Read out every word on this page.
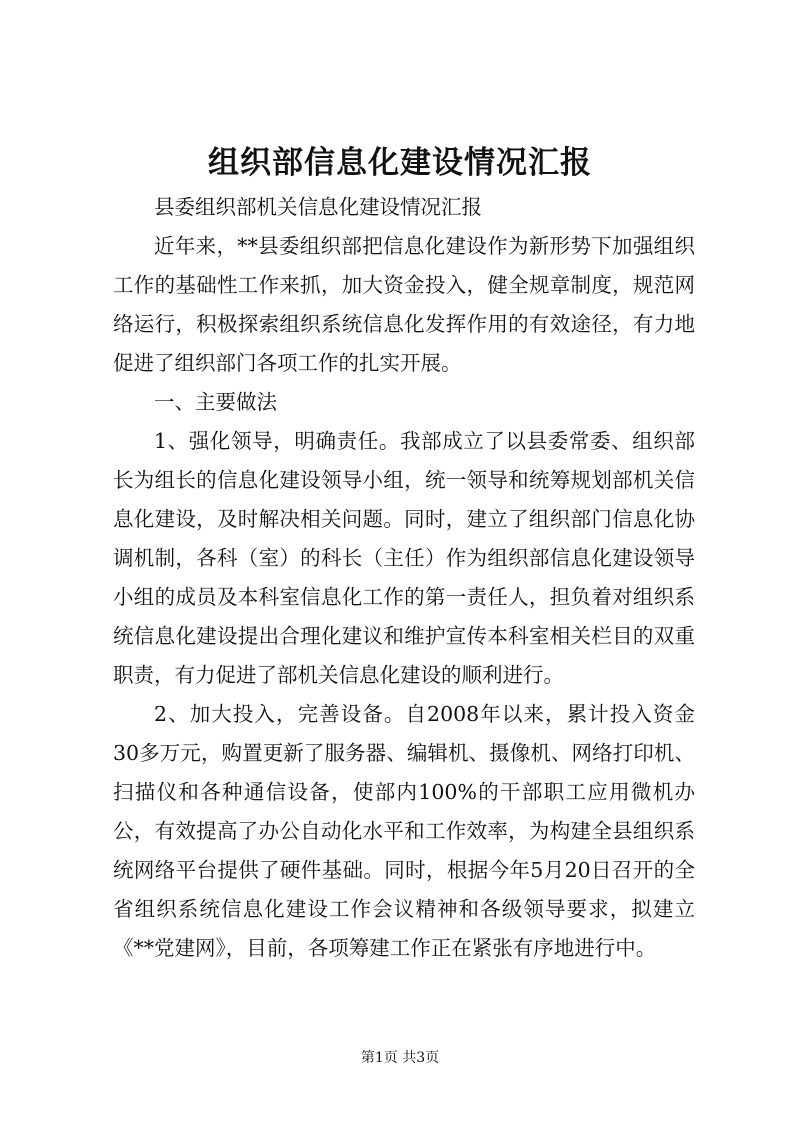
组织部信息化建设情况汇报

县委组织部机关信息化建设情况汇报

近年来，**县委组织部把信息化建设作为新形势下加强组织工作的基础性工作来抓，加大资金投入，健全规章制度，规范网络运行，积极探索组织系统信息化发挥作用的有效途径，有力地促进了组织部门各项工作的扎实开展。

一、主要做法

1、强化领导，明确责任。我部成立了以县委常委、组织部长为组长的信息化建设领导小组，统一领导和统筹规划部机关信息化建设，及时解决相关问题。同时，建立了组织部门信息化协调机制，各科（室）的科长（主任）作为组织部信息化建设领导小组的成员及本科室信息化工作的第一责任人，担负着对组织系统信息化建设提出合理化建议和维护宣传本科室相关栏目的双重职责，有力促进了部机关信息化建设的顺利进行。

2、加大投入，完善设备。自2008年以来，累计投入资金30多万元，购置更新了服务器、编辑机、摄像机、网络打印机、扫描仪和各种通信设备，使部内100%的干部职工应用微机办公，有效提高了办公自动化水平和工作效率，为构建全县组织系统网络平台提供了硬件基础。同时，根据今年5月20日召开的全省组织系统信息化建设工作会议精神和各级领导要求，拟建立《**党建网》，目前，各项筹建工作正在紧张有序地进行中。

第1页 共3页
